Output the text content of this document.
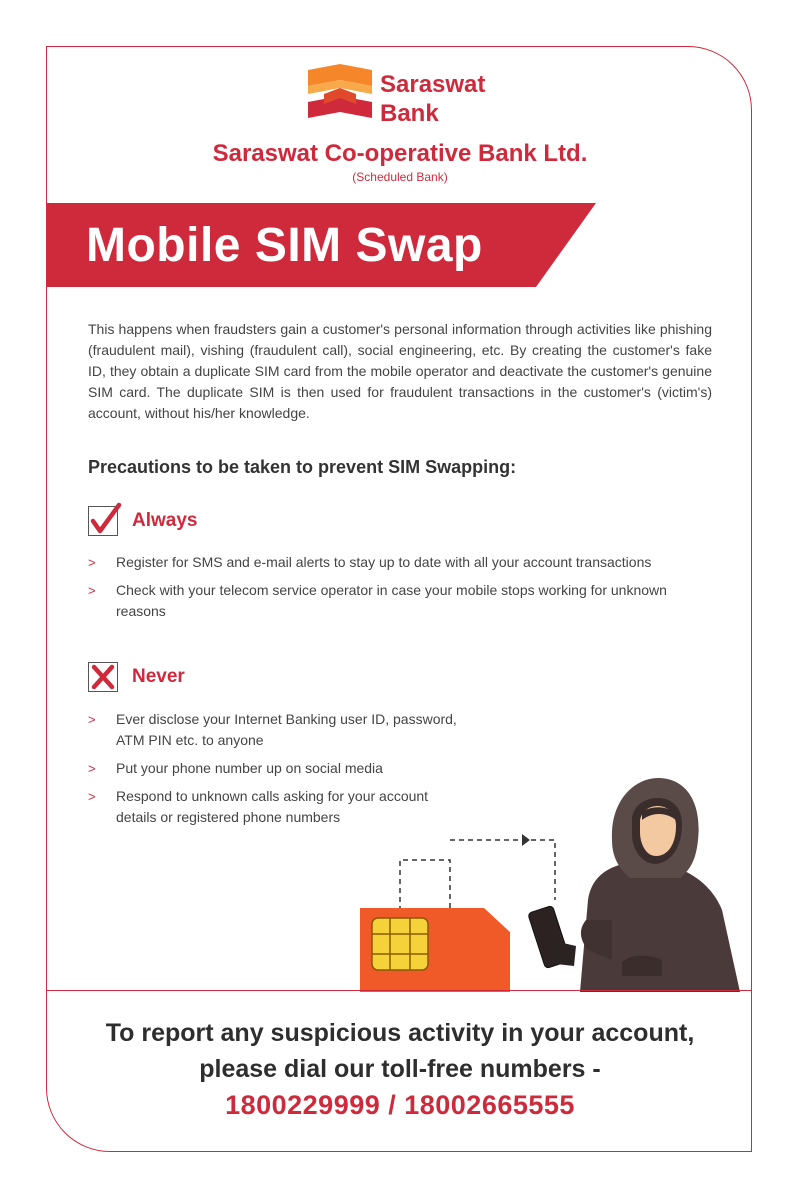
Saraswat
Bank
Saraswat Co-operative Bank Ltd.
(Scheduled Bank)
Mobile SIM Swap
This happens when fraudsters gain a customer's personal information through activities like phishing (fraudulent mail), vishing (fraudulent call), social engineering, etc. By creating the customer's fake ID, they obtain a duplicate SIM card from the mobile operator and deactivate the customer's genuine SIM card. The duplicate SIM is then used for fraudulent transactions in the customer's (victim's) account, without his/her knowledge.
Precautions to be taken to prevent SIM Swapping:
Always
> Register for SMS and e-mail alerts to stay up to date with all your account transactions
> Check with your telecom service operator in case your mobile stops working for unknown reasons
Never
> Ever disclose your Internet Banking user ID, password, ATM PIN etc. to anyone
> Put your phone number up on social media
> Respond to unknown calls asking for your account details or registered phone numbers
To report any suspicious activity in your account,
please dial our toll-free numbers -
1800229999 / 18002665555
